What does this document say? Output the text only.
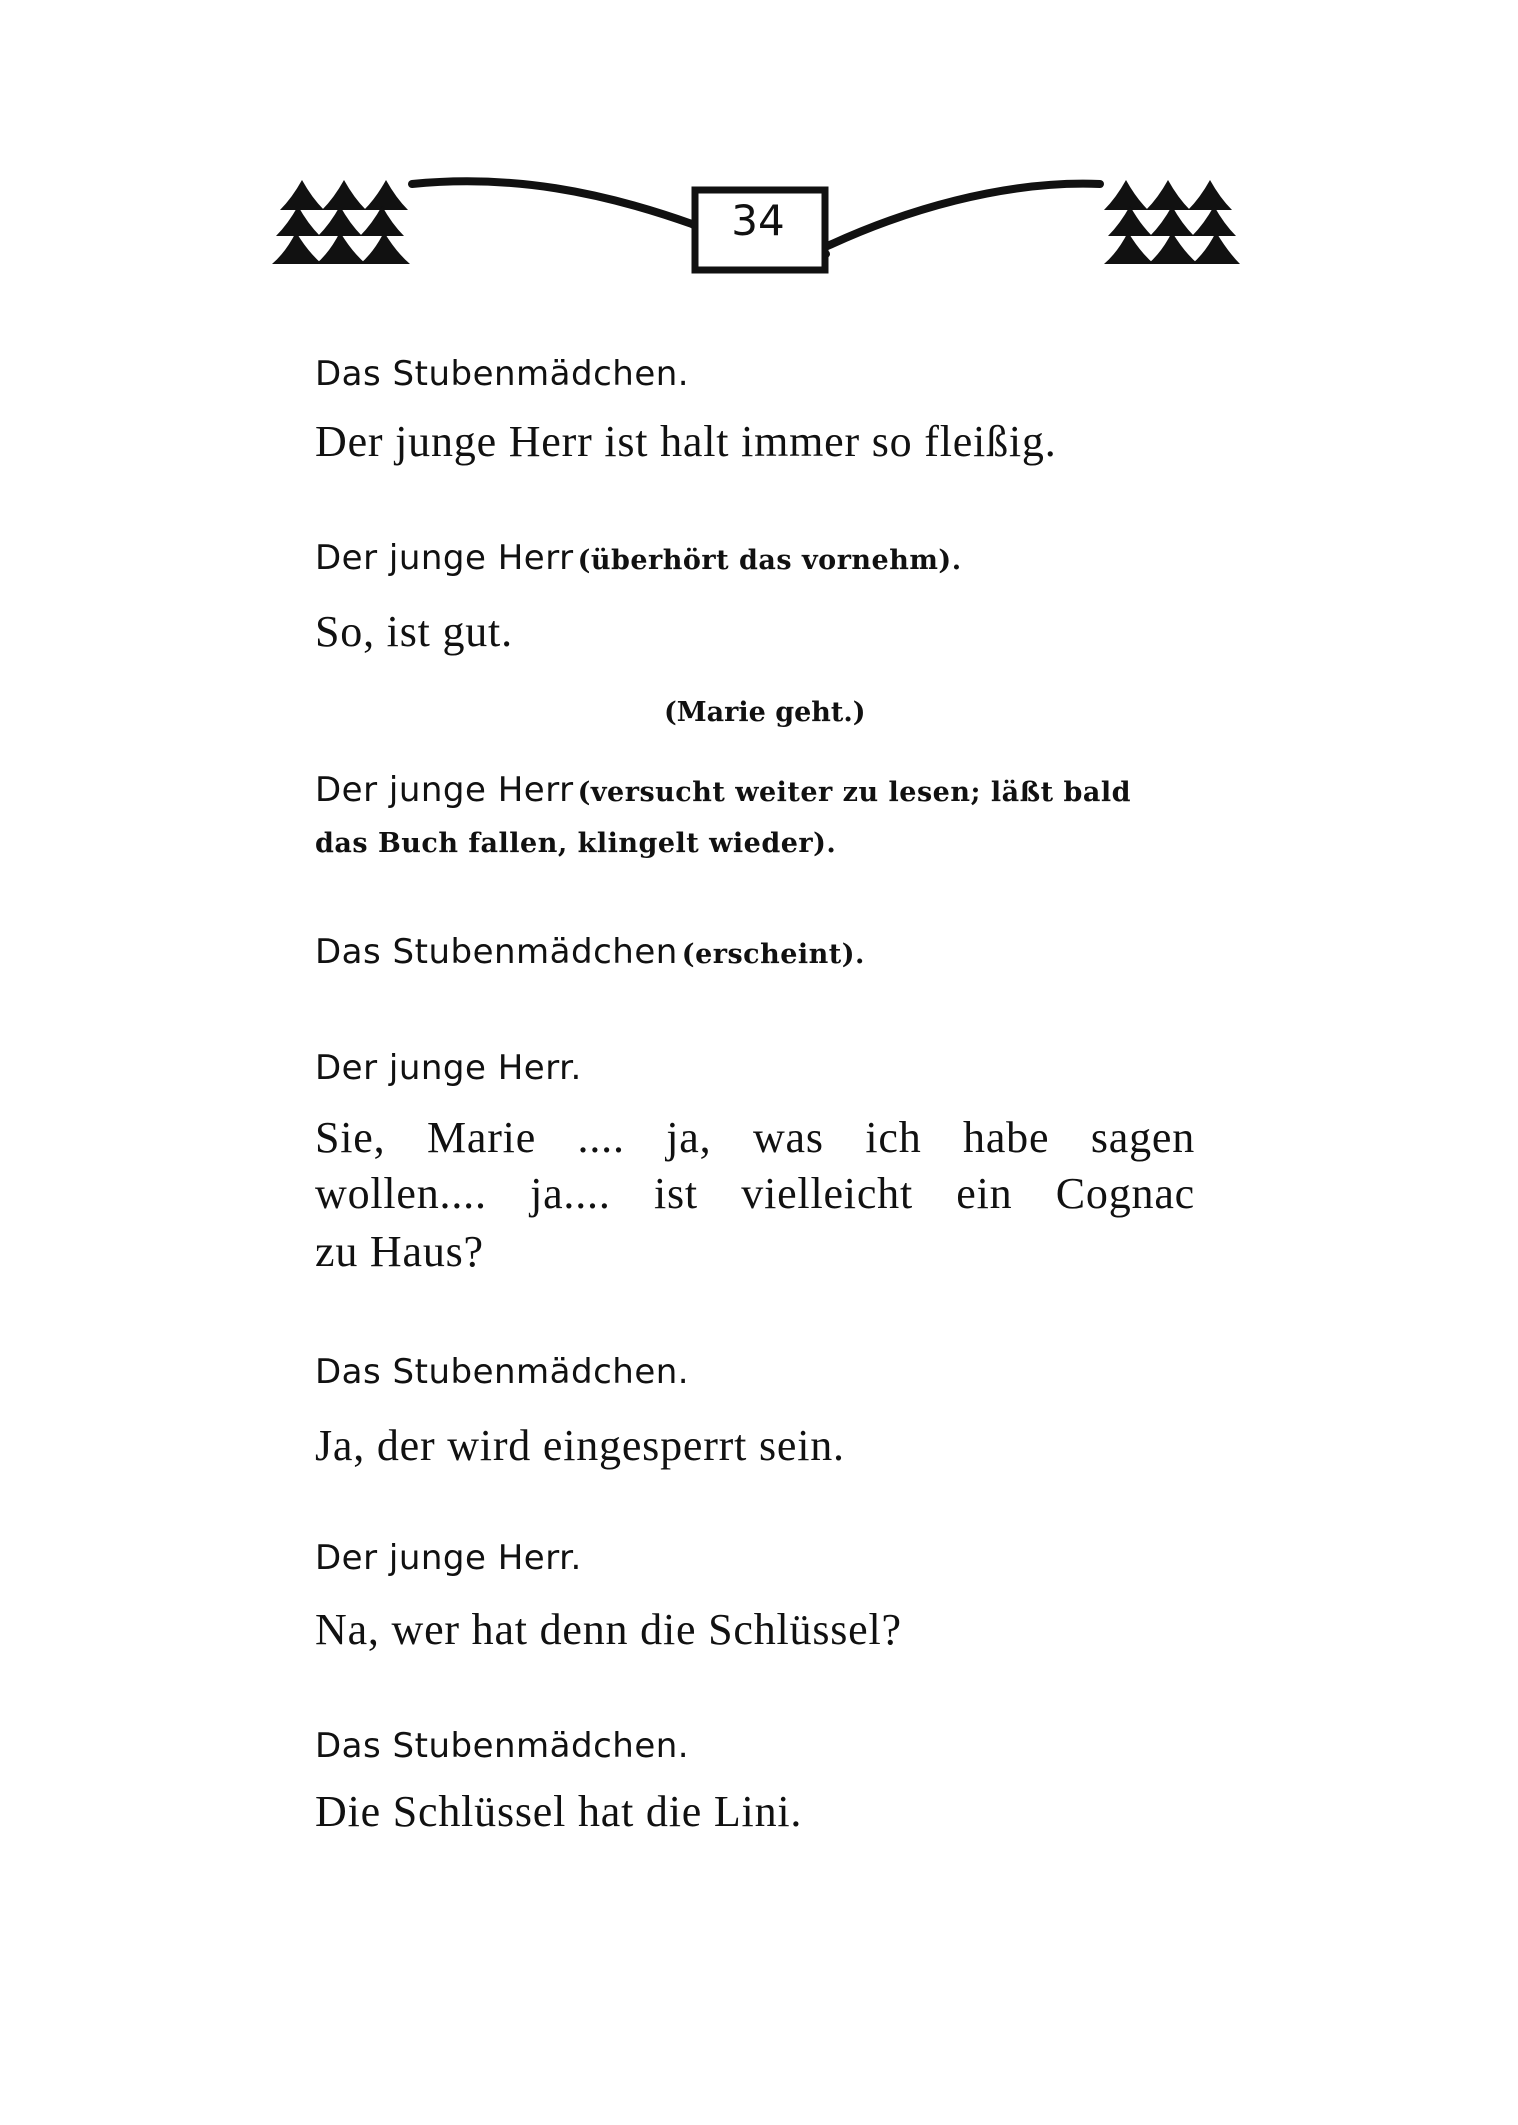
34

Das Stubenmädchen.

Der junge Herr ist halt immer so fleißig.

Der junge Herr (überhört das vornehm).

So, ist gut.

(Marie geht.)

Der junge Herr (versucht weiter zu lesen; läßt bald

das Buch fallen, klingelt wieder).

Das Stubenmädchen (erscheint).

Der junge Herr.

Sie, Marie .... ja, was ich habe sagen

wollen.... ja.... ist vielleicht ein Cognac

zu Haus?

Das Stubenmädchen.

Ja, der wird eingesperrt sein.

Der junge Herr.

Na, wer hat denn die Schlüssel?

Das Stubenmädchen.

Die Schlüssel hat die Lini.
